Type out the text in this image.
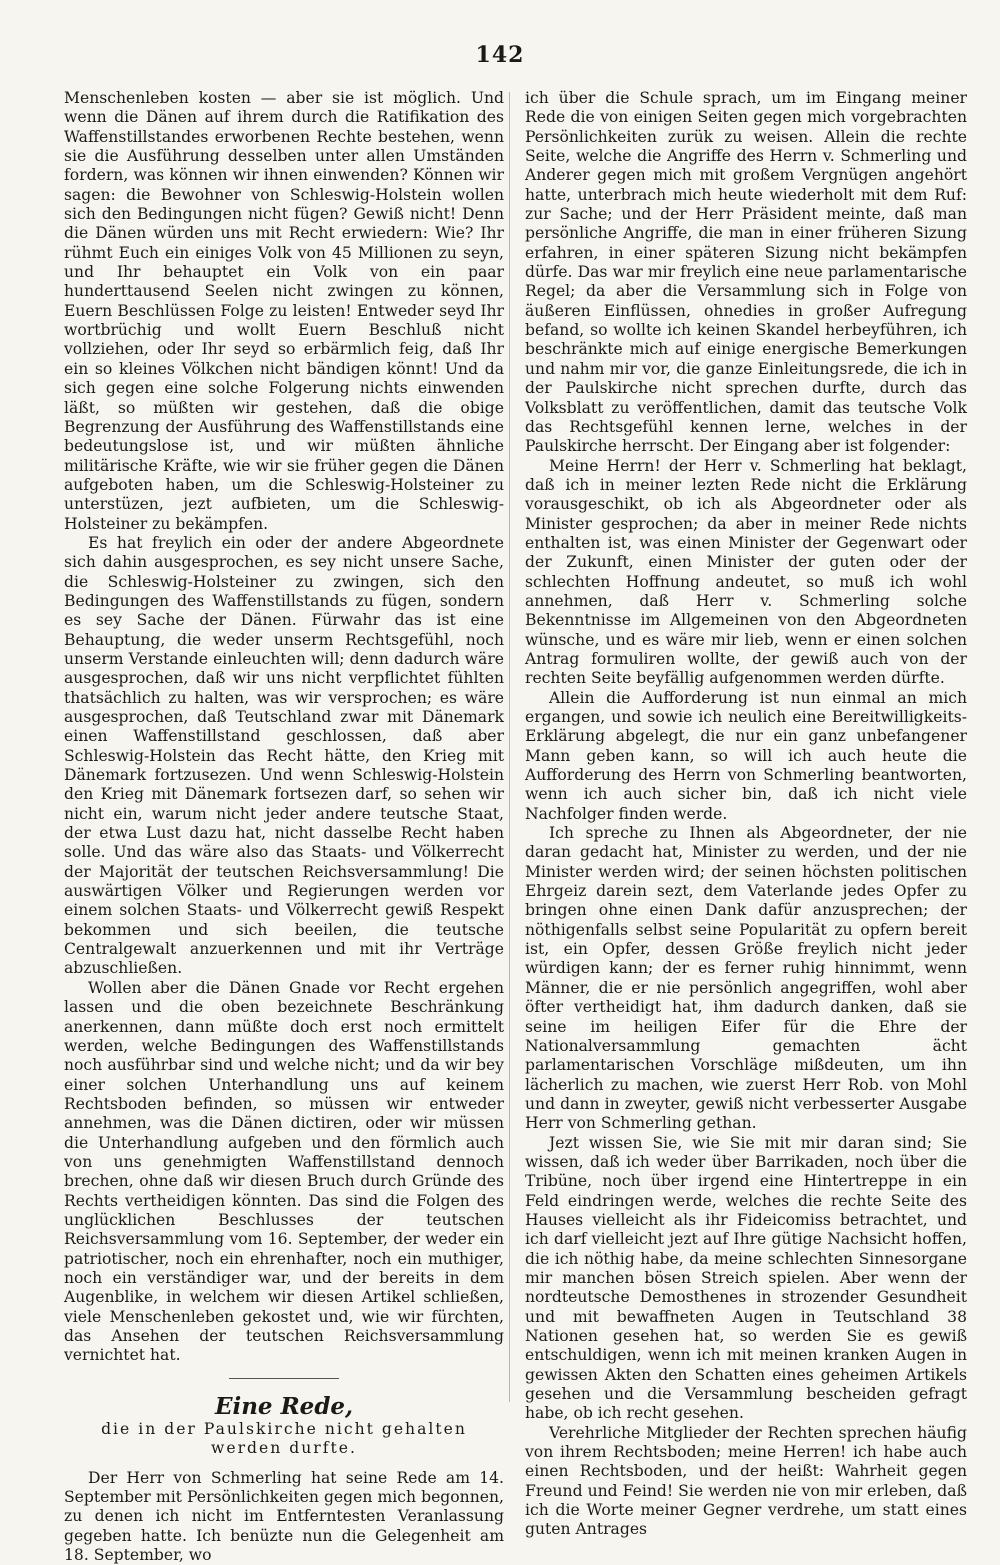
142

Menschenleben kosten — aber sie ist möglich. Und wenn die Dänen auf ihrem durch die Ratifikation des Waffenstillstandes erworbenen Rechte bestehen, wenn sie die Ausführung desselben unter allen Umständen fordern, was können wir ihnen einwenden? Können wir sagen: die Bewohner von Schleswig-Holstein wollen sich den Bedingungen nicht fügen? Gewiß nicht! Denn die Dänen würden uns mit Recht erwiedern: Wie? Ihr rühmt Euch ein einiges Volk von 45 Millionen zu seyn, und Ihr behauptet ein Volk von ein paar hunderttausend Seelen nicht zwingen zu können, Euern Beschlüssen Folge zu leisten! Entweder seyd Ihr wortbrüchig und wollt Euern Beschluß nicht vollziehen, oder Ihr seyd so erbärmlich feig, daß Ihr ein so kleines Völkchen nicht bändigen könnt! Und da sich gegen eine solche Folgerung nichts einwenden läßt, so müßten wir gestehen, daß die obige Begrenzung der Ausführung des Waffenstillstands eine bedeutungslose ist, und wir müßten ähnliche militärische Kräfte, wie wir sie früher gegen die Dänen aufgeboten haben, um die Schleswig-Holsteiner zu unterstüzen, jezt aufbieten, um die Schleswig-Holsteiner zu bekämpfen.

Es hat freylich ein oder der andere Abgeordnete sich dahin ausgesprochen, es sey nicht unsere Sache, die Schleswig-Holsteiner zu zwingen, sich den Bedingungen des Waffenstillstands zu fügen, sondern es sey Sache der Dänen. Fürwahr das ist eine Behauptung, die weder unserm Rechtsgefühl, noch unserm Verstande einleuchten will; denn dadurch wäre ausgesprochen, daß wir uns nicht verpflichtet fühlten thatsächlich zu halten, was wir versprochen; es wäre ausgesprochen, daß Teutschland zwar mit Dänemark einen Waffenstillstand geschlossen, daß aber Schleswig-Holstein das Recht hätte, den Krieg mit Dänemark fortzusezen. Und wenn Schleswig-Holstein den Krieg mit Dänemark fortsezen darf, so sehen wir nicht ein, warum nicht jeder andere teutsche Staat, der etwa Lust dazu hat, nicht dasselbe Recht haben solle. Und das wäre also das Staats- und Völkerrecht der Majorität der teutschen Reichsversammlung! Die auswärtigen Völker und Regierungen werden vor einem solchen Staats- und Völkerrecht gewiß Respekt bekommen und sich beeilen, die teutsche Centralgewalt anzuerkennen und mit ihr Verträge abzuschließen.

Wollen aber die Dänen Gnade vor Recht ergehen lassen und die oben bezeichnete Beschränkung anerkennen, dann müßte doch erst noch ermittelt werden, welche Bedingungen des Waffenstillstands noch ausführbar sind und welche nicht; und da wir bey einer solchen Unterhandlung uns auf keinem Rechtsboden befinden, so müssen wir entweder annehmen, was die Dänen dictiren, oder wir müssen die Unterhandlung aufgeben und den förmlich auch von uns genehmigten Waffenstillstand dennoch brechen, ohne daß wir diesen Bruch durch Gründe des Rechts vertheidigen könnten. Das sind die Folgen des unglücklichen Beschlusses der teutschen Reichsversammlung vom 16. September, der weder ein patriotischer, noch ein ehrenhafter, noch ein muthiger, noch ein verständiger war, und der bereits in dem Augenblike, in welchem wir diesen Artikel schließen, viele Menschenleben gekostet und, wie wir fürchten, das Ansehen der teutschen Reichsversammlung vernichtet hat.

Eine Rede,
die in der Paulskirche nicht gehalten
werden durfte.

Der Herr von Schmerling hat seine Rede am 14. September mit Persönlichkeiten gegen mich begonnen, zu denen ich nicht im Entferntesten Veranlassung gegeben hatte. Ich benüzte nun die Gelegenheit am 18. September, wo

ich über die Schule sprach, um im Eingang meiner Rede die von einigen Seiten gegen mich vorgebrachten Persönlichkeiten zurük zu weisen. Allein die rechte Seite, welche die Angriffe des Herrn v. Schmerling und Anderer gegen mich mit großem Vergnügen angehört hatte, unterbrach mich heute wiederholt mit dem Ruf: zur Sache; und der Herr Präsident meinte, daß man persönliche Angriffe, die man in einer früheren Sizung erfahren, in einer späteren Sizung nicht bekämpfen dürfe. Das war mir freylich eine neue parlamentarische Regel; da aber die Versammlung sich in Folge von äußeren Einflüssen, ohnedies in großer Aufregung befand, so wollte ich keinen Skandel herbeyführen, ich beschränkte mich auf einige energische Bemerkungen und nahm mir vor, die ganze Einleitungsrede, die ich in der Paulskirche nicht sprechen durfte, durch das Volksblatt zu veröffentlichen, damit das teutsche Volk das Rechtsgefühl kennen lerne, welches in der Paulskirche herrscht. Der Eingang aber ist folgender:

Meine Herrn! der Herr v. Schmerling hat beklagt, daß ich in meiner lezten Rede nicht die Erklärung vorausgeschikt, ob ich als Abgeordneter oder als Minister gesprochen; da aber in meiner Rede nichts enthalten ist, was einen Minister der Gegenwart oder der Zukunft, einen Minister der guten oder der schlechten Hoffnung andeutet, so muß ich wohl annehmen, daß Herr v. Schmerling solche Bekenntnisse im Allgemeinen von den Abgeordneten wünsche, und es wäre mir lieb, wenn er einen solchen Antrag formuliren wollte, der gewiß auch von der rechten Seite beyfällig aufgenommen werden dürfte.

Allein die Aufforderung ist nun einmal an mich ergangen, und sowie ich neulich eine Bereitwilligkeits-Erklärung abgelegt, die nur ein ganz unbefangener Mann geben kann, so will ich auch heute die Aufforderung des Herrn von Schmerling beantworten, wenn ich auch sicher bin, daß ich nicht viele Nachfolger finden werde.

Ich spreche zu Ihnen als Abgeordneter, der nie daran gedacht hat, Minister zu werden, und der nie Minister werden wird; der seinen höchsten politischen Ehrgeiz darein sezt, dem Vaterlande jedes Opfer zu bringen ohne einen Dank dafür anzusprechen; der nöthigenfalls selbst seine Popularität zu opfern bereit ist, ein Opfer, dessen Größe freylich nicht jeder würdigen kann; der es ferner ruhig hinnimmt, wenn Männer, die er nie persönlich angegriffen, wohl aber öfter vertheidigt hat, ihm dadurch danken, daß sie seine im heiligen Eifer für die Ehre der Nationalversammlung gemachten ächt parlamentarischen Vorschläge mißdeuten, um ihn lächerlich zu machen, wie zuerst Herr Rob. von Mohl und dann in zweyter, gewiß nicht verbesserter Ausgabe Herr von Schmerling gethan.

Jezt wissen Sie, wie Sie mit mir daran sind; Sie wissen, daß ich weder über Barrikaden, noch über die Tribüne, noch über irgend eine Hintertreppe in ein Feld eindringen werde, welches die rechte Seite des Hauses vielleicht als ihr Fideicomiss betrachtet, und ich darf vielleicht jezt auf Ihre gütige Nachsicht hoffen, die ich nöthig habe, da meine schlechten Sinnesorgane mir manchen bösen Streich spielen. Aber wenn der nordteutsche Demosthenes in strozender Gesundheit und mit bewaffneten Augen in Teutschland 38 Nationen gesehen hat, so werden Sie es gewiß entschuldigen, wenn ich mit meinen kranken Augen in gewissen Akten den Schatten eines geheimen Artikels gesehen und die Versammlung bescheiden gefragt habe, ob ich recht gesehen.

Verehrliche Mitglieder der Rechten sprechen häufig von ihrem Rechtsboden; meine Herren! ich habe auch einen Rechtsboden, und der heißt: Wahrheit gegen Freund und Feind! Sie werden nie von mir erleben, daß ich die Worte meiner Gegner verdrehe, um statt eines guten Antrages
